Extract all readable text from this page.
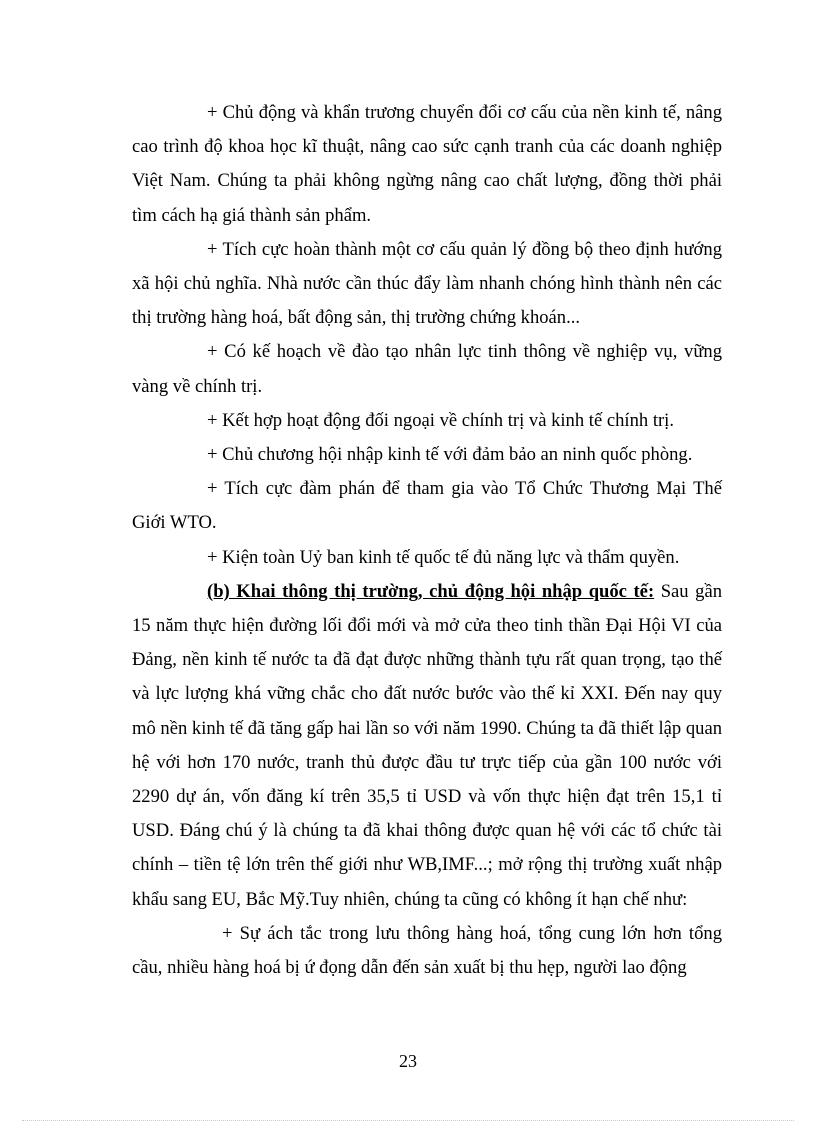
+ Chủ động và khẩn trương chuyển đổi cơ cấu của nền kinh tế, nâng cao trình độ khoa học kĩ thuật, nâng cao sức cạnh tranh của các doanh nghiệp Việt Nam. Chúng ta phải không ngừng nâng cao chất lượng, đồng thời phải tìm cách hạ giá thành sản phẩm.

+ Tích cực hoàn thành một cơ cấu quản lý đồng bộ theo định hướng xã hội chủ nghĩa. Nhà nước cần thúc đẩy làm nhanh chóng hình thành nên các thị trường hàng hoá, bất động sản, thị trường chứng khoán...

+ Có kế hoạch về đào tạo nhân lực tinh thông về nghiệp vụ, vững vàng về chính trị.

+ Kết hợp hoạt động đối ngoại về chính trị và kinh tế chính trị.

+ Chủ chương hội nhập kinh tế với đảm bảo an ninh quốc phòng.

+ Tích cực đàm phán để tham gia vào Tổ Chức Thương Mại Thế Giới WTO.

+ Kiện toàn Uỷ ban kinh tế quốc tế đủ năng lực và thẩm quyền.

(b) Khai thông thị trường, chủ động hội nhập quốc tế: Sau gần 15 năm thực hiện đường lối đổi mới và mở cửa theo tinh thần Đại Hội VI của Đảng, nền kinh tế nước ta đã đạt được những thành tựu rất quan trọng, tạo thế và lực lượng khá vững chắc cho đất nước bước vào thế kỉ XXI. Đến nay quy mô nền kinh tế đã tăng gấp hai lần so với năm 1990. Chúng ta đã thiết lập quan hệ với hơn 170 nước, tranh thủ được đầu tư trực tiếp của gần 100 nước với 2290 dự án, vốn đăng kí trên 35,5 tỉ USD và vốn thực hiện đạt trên 15,1 tỉ USD. Đáng chú ý là chúng ta đã khai thông được quan hệ với các tổ chức tài chính – tiền tệ lớn trên thế giới như WB,IMF...; mở rộng thị trường xuất nhập khẩu sang EU, Bắc Mỹ.Tuy nhiên, chúng ta cũng có không ít hạn chế như:

+ Sự ách tắc trong lưu thông hàng hoá, tổng cung lớn hơn tổng cầu, nhiều hàng hoá bị ứ đọng dẫn đến sản xuất bị thu hẹp, người lao động

23
